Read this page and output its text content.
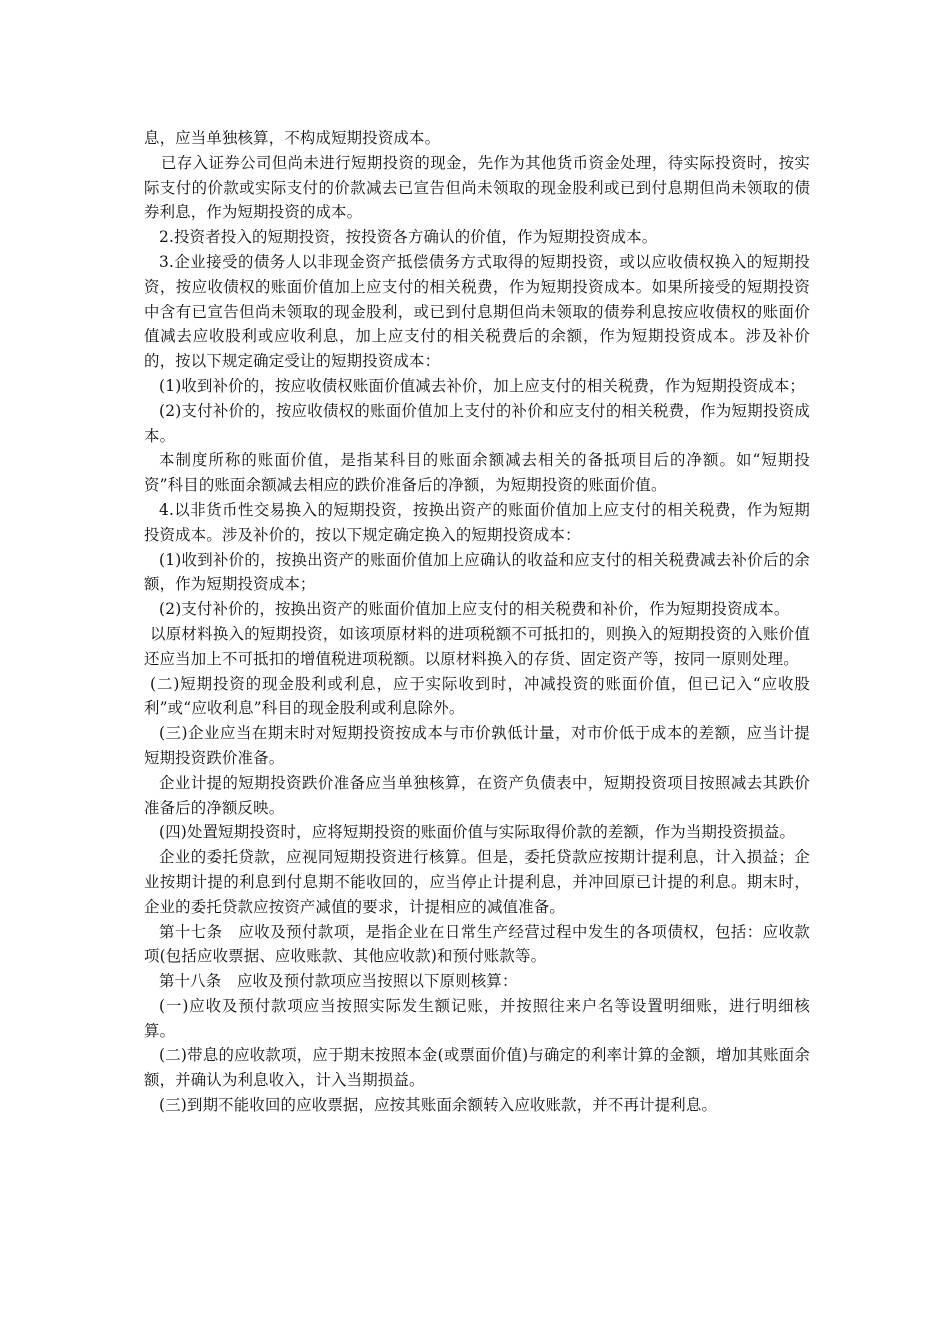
息，应当单独核算，不构成短期投资成本。

已存入证券公司但尚未进行短期投资的现金，先作为其他货币资金处理，待实际投资时，按实际支付的价款或实际支付的价款减去已宣告但尚未领取的现金股利或已到付息期但尚未领取的债券利息，作为短期投资的成本。

2.投资者投入的短期投资，按投资各方确认的价值，作为短期投资成本。

3.企业接受的债务人以非现金资产抵偿债务方式取得的短期投资，或以应收债权换入的短期投资，按应收债权的账面价值加上应支付的相关税费，作为短期投资成本。如果所接受的短期投资中含有已宣告但尚未领取的现金股利，或已到付息期但尚未领取的债券利息按应收债权的账面价值减去应收股利或应收利息，加上应支付的相关税费后的余额，作为短期投资成本。涉及补价的，按以下规定确定受让的短期投资成本：

(1)收到补价的，按应收债权账面价值减去补价，加上应支付的相关税费，作为短期投资成本；

(2)支付补价的，按应收债权的账面价值加上支付的补价和应支付的相关税费，作为短期投资成本。

本制度所称的账面价值，是指某科目的账面余额减去相关的备抵项目后的净额。如“短期投资”科目的账面余额减去相应的跌价准备后的净额，为短期投资的账面价值。

4.以非货币性交易换入的短期投资，按换出资产的账面价值加上应支付的相关税费，作为短期投资成本。涉及补价的，按以下规定确定换入的短期投资成本：

(1)收到补价的，按换出资产的账面价值加上应确认的收益和应支付的相关税费减去补价后的余额，作为短期投资成本；

(2)支付补价的，按换出资产的账面价值加上应支付的相关税费和补价，作为短期投资成本。

以原材料换入的短期投资，如该项原材料的进项税额不可抵扣的，则换入的短期投资的入账价值还应当加上不可抵扣的增值税进项税额。以原材料换入的存货、固定资产等，按同一原则处理。

(二)短期投资的现金股利或利息，应于实际收到时，冲减投资的账面价值，但已记入“应收股利”或“应收利息”科目的现金股利或利息除外。

(三)企业应当在期末时对短期投资按成本与市价孰低计量，对市价低于成本的差额，应当计提短期投资跌价准备。

企业计提的短期投资跌价准备应当单独核算，在资产负债表中，短期投资项目按照减去其跌价准备后的净额反映。

(四)处置短期投资时，应将短期投资的账面价值与实际取得价款的差额，作为当期投资损益。

企业的委托贷款，应视同短期投资进行核算。但是，委托贷款应按期计提利息，计入损益；企业按期计提的利息到付息期不能收回的，应当停止计提利息，并冲回原已计提的利息。期末时，企业的委托贷款应按资产减值的要求，计提相应的减值准备。

第十七条　应收及预付款项，是指企业在日常生产经营过程中发生的各项债权，包括：应收款项(包括应收票据、应收账款、其他应收款)和预付账款等。

第十八条　应收及预付款项应当按照以下原则核算：

(一)应收及预付款项应当按照实际发生额记账，并按照往来户名等设置明细账，进行明细核算。

(二)带息的应收款项，应于期末按照本金(或票面价值)与确定的利率计算的金额，增加其账面余额，并确认为利息收入，计入当期损益。

(三)到期不能收回的应收票据，应按其账面余额转入应收账款，并不再计提利息。
